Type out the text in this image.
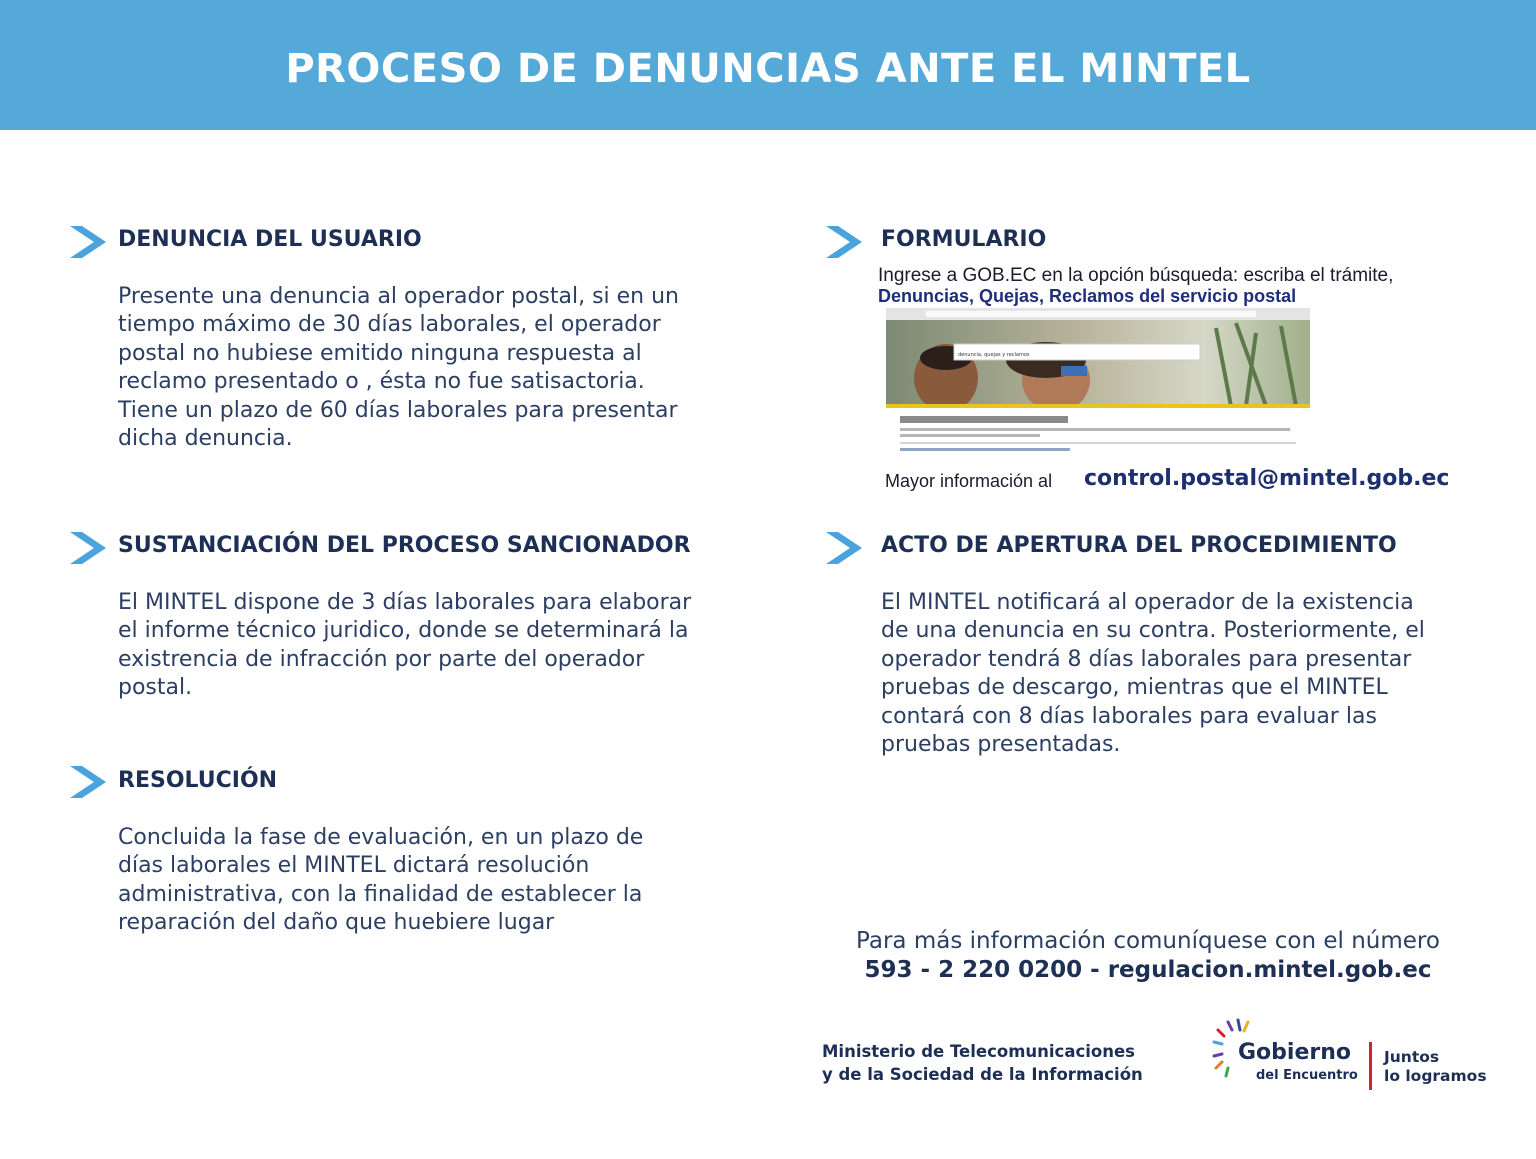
PROCESO DE DENUNCIAS ANTE EL MINTEL
DENUNCIA DEL USUARIO

Presente una denuncia al operador postal, si en un
tiempo máximo de 30 días laborales, el operador
postal no hubiese emitido ninguna respuesta al
reclamo presentado o , ésta no fue satisactoria.
Tiene un plazo de 60 días laborales para presentar
dicha denuncia.

SUSTANCIACIÓN DEL PROCESO SANCIONADOR

El MINTEL dispone de 3 días laborales para elaborar
el informe técnico juridico, donde se determinará la
existrencia de infracción por parte del operador
postal.

RESOLUCIÓN

Concluida la fase de evaluación, en un plazo de
días laborales el MINTEL dictará resolución
administrativa, con la finalidad de establecer la
reparación del daño que huebiere lugar

FORMULARIO
Ingrese a GOB.EC en la opción búsqueda: escriba el trámite,
Denuncias, Quejas, Reclamos del servicio postal
denuncia, quejas y reclamos
Mayor información al control.postal@mintel.gob.ec
ACTO DE APERTURA DEL PROCEDIMIENTO

El MINTEL notificará al operador de la existencia
de una denuncia en su contra. Posteriormente, el
operador tendrá 8 días laborales para presentar
pruebas de descargo, mientras que el MINTEL
contará con 8 días laborales para evaluar las
pruebas presentadas.

Para más información comuníquese con el número
593 - 2 220 0200 - regulacion.mintel.gob.ec

Ministerio de Telecomunicaciones
y de la Sociedad de la Información

Gobierno
del Encuentro

Juntos
lo logramos
